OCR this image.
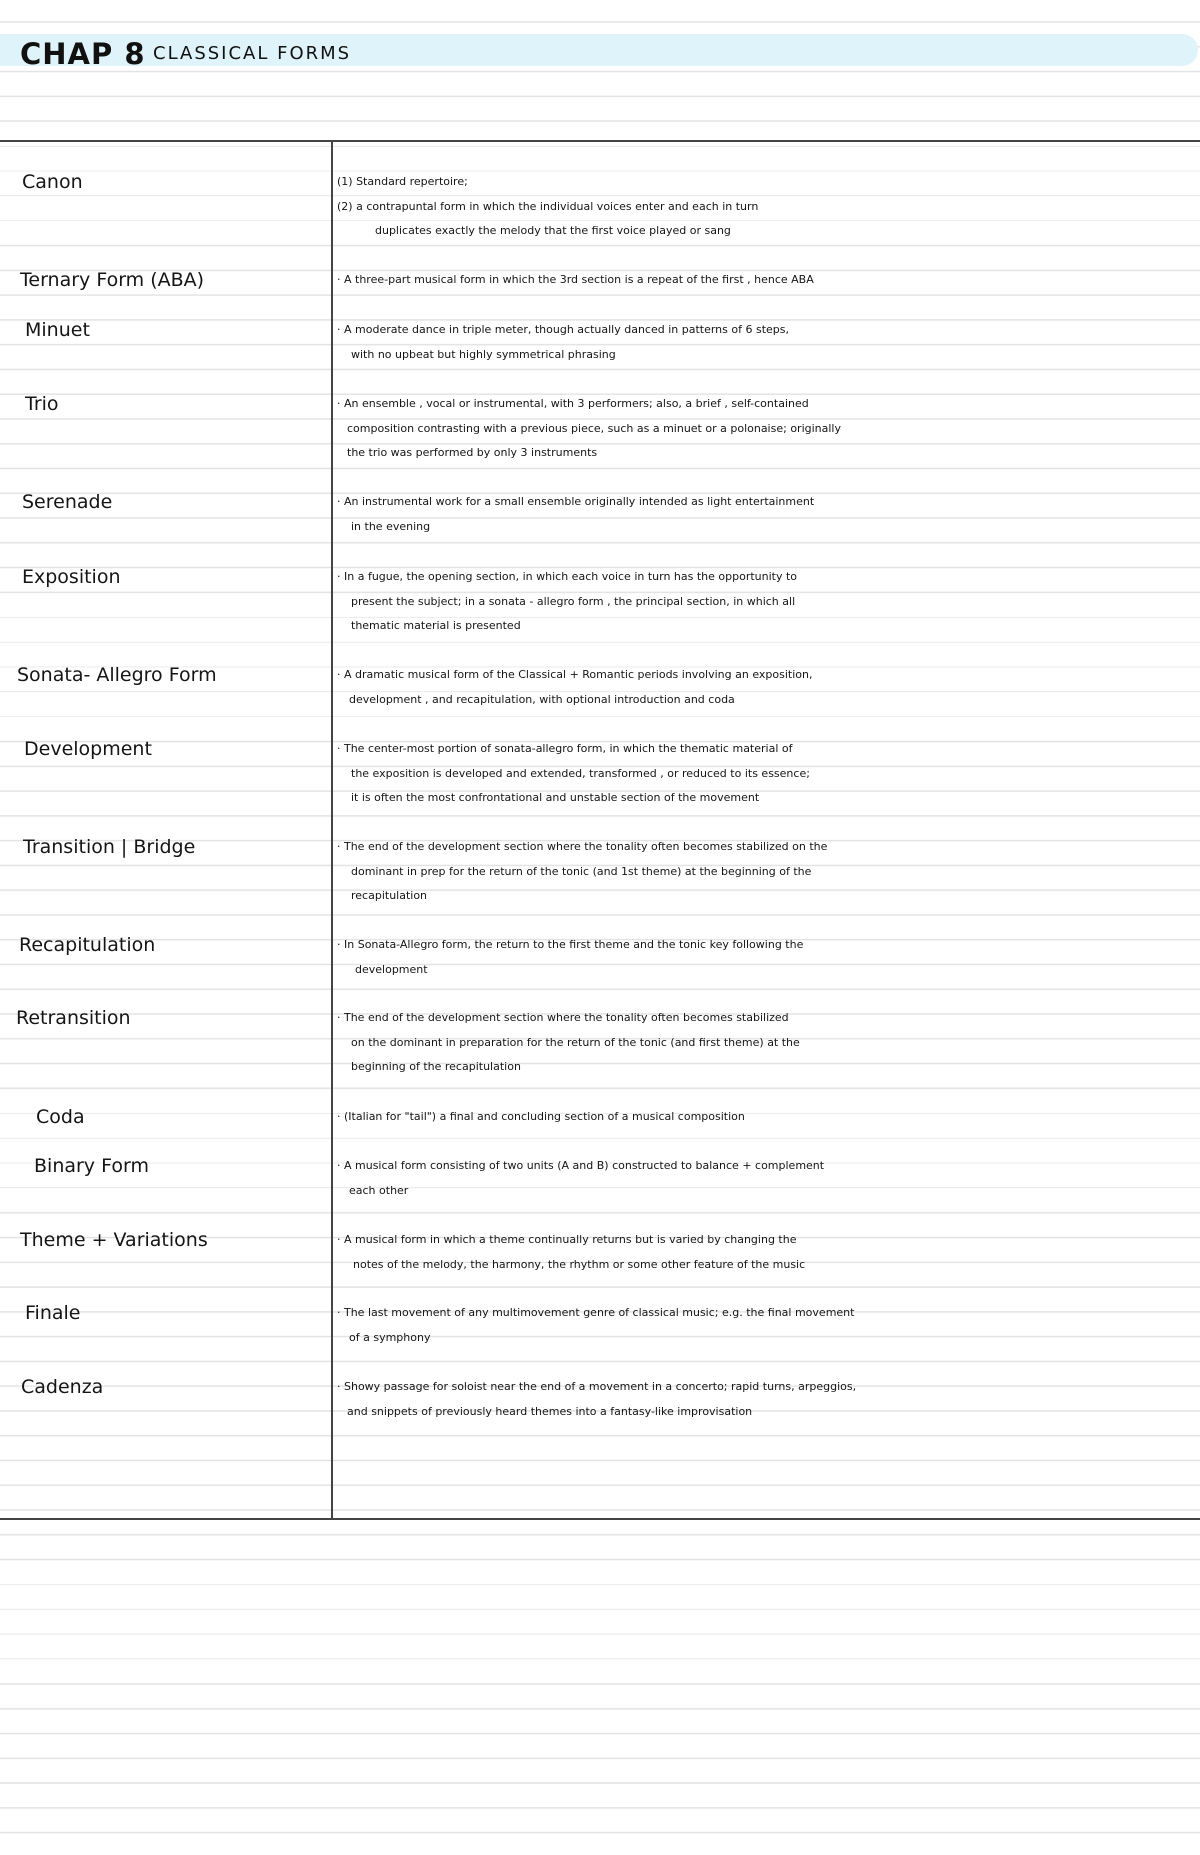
CHAP 8 CLASSICAL FORMS
Canon	(1) Standard repertoire;
(2) a contrapuntal form in which the individual voices enter and each in turn
duplicates exactly the melody that the first voice played or sang
Ternary Form (ABA)	· A three-part musical form in which the 3rd section is a repeat of the first , hence ABA
Minuet	· A moderate dance in triple meter, though actually danced in patterns of 6 steps,
with no upbeat but highly symmetrical phrasing
Trio	· An ensemble , vocal or instrumental, with 3 performers; also, a brief , self-contained
composition contrasting with a previous piece, such as a minuet or a polonaise; originally
the trio was performed by only 3 instruments
Serenade	· An instrumental work for a small ensemble originally intended as light entertainment
in the evening
Exposition	· In a fugue, the opening section, in which each voice in turn has the opportunity to
present the subject; in a sonata - allegro form , the principal section, in which all
thematic material is presented
Sonata- Allegro Form	· A dramatic musical form of the Classical + Romantic periods involving an exposition,
development , and recapitulation, with optional introduction and coda
Development	· The center-most portion of sonata-allegro form, in which the thematic material of
the exposition is developed and extended, transformed , or reduced to its essence;
it is often the most confrontational and unstable section of the movement
Transition | Bridge	· The end of the development section where the tonality often becomes stabilized on the
dominant in prep for the return of the tonic (and 1st theme) at the beginning of the
recapitulation
Recapitulation	· In Sonata-Allegro form, the return to the first theme and the tonic key following the
development
Retransition	· The end of the development section where the tonality often becomes stabilized
on the dominant in preparation for the return of the tonic (and first theme) at the
beginning of the recapitulation
Coda	· (Italian for "tail") a final and concluding section of a musical composition
Binary Form	· A musical form consisting of two units (A and B) constructed to balance + complement
each other
Theme + Variations	· A musical form in which a theme continually returns but is varied by changing the
notes of the melody, the harmony, the rhythm or some other feature of the music
Finale	· The last movement of any multimovement genre of classical music; e.g. the final movement
of a symphony
Cadenza	· Showy passage for soloist near the end of a movement in a concerto; rapid turns, arpeggios,
and snippets of previously heard themes into a fantasy-like improvisation
